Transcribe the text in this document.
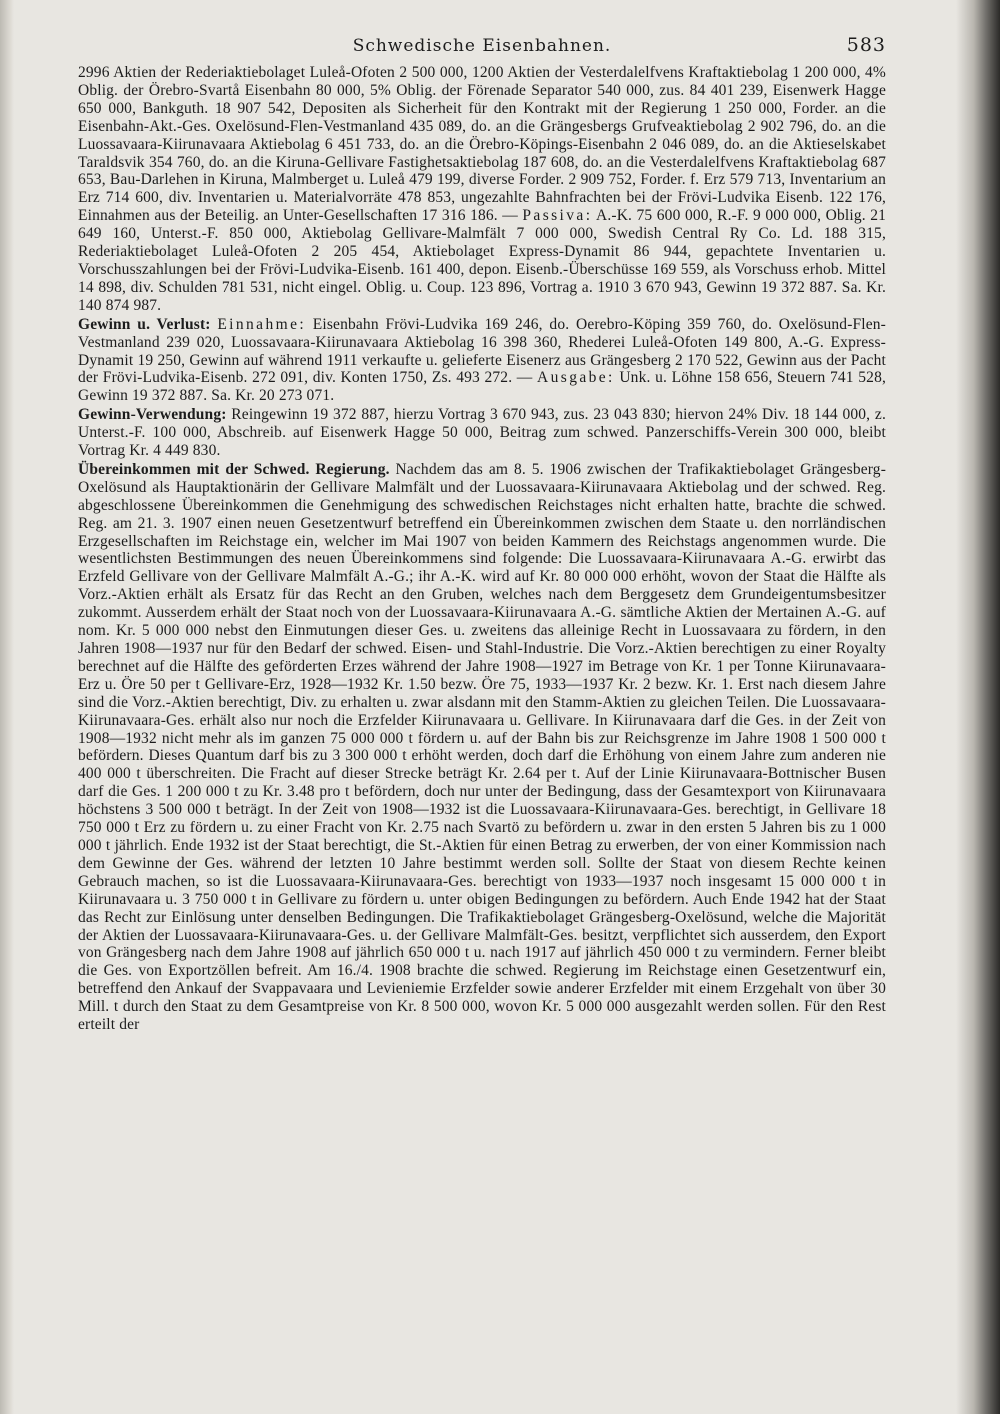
Schwedische Eisenbahnen.	583

2996 Aktien der Rederiaktiebolaget Luleå-Ofoten 2 500 000, 1200 Aktien der Vesterdalelfvens Kraftaktiebolag 1 200 000, 4% Oblig. der Örebro-Svartå Eisenbahn 80 000, 5% Oblig. der Förenade Separator 540 000, zus. 84 401 239, Eisenwerk Hagge 650 000, Bankguth. 18 907 542, Depositen als Sicherheit für den Kontrakt mit der Regierung 1 250 000, Forder. an die Eisenbahn-Akt.-Ges. Oxelösund-Flen-Vestmanland 435 089, do. an die Grängesbergs Grufveaktiebolag 2 902 796, do. an die Luossavaara-Kiirunavaara Aktiebolag 6 451 733, do. an die Örebro-Köpings-Eisenbahn 2 046 089, do. an die Aktieselskabet Taraldsvik 354 760, do. an die Kiruna-Gellivare Fastighetsaktiebolag 187 608, do. an die Vesterdalelfvens Kraftaktiebolag 687 653, Bau-Darlehen in Kiruna, Malmberget u. Luleå 479 199, diverse Forder. 2 909 752, Forder. f. Erz 579 713, Inventarium an Erz 714 600, div. Inventarien u. Materialvorräte 478 853, ungezahlte Bahnfrachten bei der Frövi-Ludvika Eisenb. 122 176, Einnahmen aus der Beteilig. an Unter-Gesellschaften 17 316 186. — Passiva: A.-K. 75 600 000, R.-F. 9 000 000, Oblig. 21 649 160, Unterst.-F. 850 000, Aktiebolag Gellivare-Malmfält 7 000 000, Swedish Central Ry Co. Ld. 188 315, Rederiaktiebolaget Luleå-Ofoten 2 205 454, Aktiebolaget Express-Dynamit 86 944, gepachtete Inventarien u. Vorschusszahlungen bei der Frövi-Ludvika-Eisenb. 161 400, depon. Eisenb.-Überschüsse 169 559, als Vorschuss erhob. Mittel 14 898, div. Schulden 781 531, nicht eingel. Oblig. u. Coup. 123 896, Vortrag a. 1910 3 670 943, Gewinn 19 372 887. Sa. Kr. 140 874 987.

Gewinn u. Verlust: Einnahme: Eisenbahn Frövi-Ludvika 169 246, do. Oerebro-Köping 359 760, do. Oxelösund-Flen-Vestmanland 239 020, Luossavaara-Kiirunavaara Aktiebolag 16 398 360, Rhederei Luleå-Ofoten 149 800, A.-G. Express-Dynamit 19 250, Gewinn auf während 1911 verkaufte u. gelieferte Eisenerz aus Grängesberg 2 170 522, Gewinn aus der Pacht der Frövi-Ludvika-Eisenb. 272 091, div. Konten 1750, Zs. 493 272. — Ausgabe: Unk. u. Löhne 158 656, Steuern 741 528, Gewinn 19 372 887. Sa. Kr. 20 273 071.

Gewinn-Verwendung: Reingewinn 19 372 887, hierzu Vortrag 3 670 943, zus. 23 043 830; hiervon 24% Div. 18 144 000, z. Unterst.-F. 100 000, Abschreib. auf Eisenwerk Hagge 50 000, Beitrag zum schwed. Panzerschiffs-Verein 300 000, bleibt Vortrag Kr. 4 449 830.

Übereinkommen mit der Schwed. Regierung. Nachdem das am 8. 5. 1906 zwischen der Trafikaktiebolaget Grängesberg-Oxelösund als Hauptaktionärin der Gellivare Malmfält und der Luossavaara-Kiirunavaara Aktiebolag und der schwed. Reg. abgeschlossene Übereinkommen die Genehmigung des schwedischen Reichstages nicht erhalten hatte, brachte die schwed. Reg. am 21. 3. 1907 einen neuen Gesetzentwurf betreffend ein Übereinkommen zwischen dem Staate u. den norrländischen Erzgesellschaften im Reichstage ein, welcher im Mai 1907 von beiden Kammern des Reichstags angenommen wurde. Die wesentlichsten Bestimmungen des neuen Übereinkommens sind folgende: Die Luossavaara-Kiirunavaara A.-G. erwirbt das Erzfeld Gellivare von der Gellivare Malmfält A.-G.; ihr A.-K. wird auf Kr. 80 000 000 erhöht, wovon der Staat die Hälfte als Vorz.-Aktien erhält als Ersatz für das Recht an den Gruben, welches nach dem Berggesetz dem Grundeigentumsbesitzer zukommt. Ausserdem erhält der Staat noch von der Luossavaara-Kiirunavaara A.-G. sämtliche Aktien der Mertainen A.-G. auf nom. Kr. 5 000 000 nebst den Einmutungen dieser Ges. u. zweitens das alleinige Recht in Luossavaara zu fördern, in den Jahren 1908—1937 nur für den Bedarf der schwed. Eisen- und Stahl-Industrie. Die Vorz.-Aktien berechtigen zu einer Royalty berechnet auf die Hälfte des geförderten Erzes während der Jahre 1908—1927 im Betrage von Kr. 1 per Tonne Kiirunavaara-Erz u. Öre 50 per t Gellivare-Erz, 1928—1932 Kr. 1.50 bezw. Öre 75, 1933—1937 Kr. 2 bezw. Kr. 1. Erst nach diesem Jahre sind die Vorz.-Aktien berechtigt, Div. zu erhalten u. zwar alsdann mit den Stamm-Aktien zu gleichen Teilen. Die Luossavaara-Kiirunavaara-Ges. erhält also nur noch die Erzfelder Kiirunavaara u. Gellivare. In Kiirunavaara darf die Ges. in der Zeit von 1908—1932 nicht mehr als im ganzen 75 000 000 t fördern u. auf der Bahn bis zur Reichsgrenze im Jahre 1908 1 500 000 t befördern. Dieses Quantum darf bis zu 3 300 000 t erhöht werden, doch darf die Erhöhung von einem Jahre zum anderen nie 400 000 t überschreiten. Die Fracht auf dieser Strecke beträgt Kr. 2.64 per t. Auf der Linie Kiirunavaara-Bottnischer Busen darf die Ges. 1 200 000 t zu Kr. 3.48 pro t befördern, doch nur unter der Bedingung, dass der Gesamtexport von Kiirunavaara höchstens 3 500 000 t beträgt. In der Zeit von 1908—1932 ist die Luossavaara-Kiirunavaara-Ges. berechtigt, in Gellivare 18 750 000 t Erz zu fördern u. zu einer Fracht von Kr. 2.75 nach Svartö zu befördern u. zwar in den ersten 5 Jahren bis zu 1 000 000 t jährlich. Ende 1932 ist der Staat berechtigt, die St.-Aktien für einen Betrag zu erwerben, der von einer Kommission nach dem Gewinne der Ges. während der letzten 10 Jahre bestimmt werden soll. Sollte der Staat von diesem Rechte keinen Gebrauch machen, so ist die Luossavaara-Kiirunavaara-Ges. berechtigt von 1933—1937 noch insgesamt 15 000 000 t in Kiirunavaara u. 3 750 000 t in Gellivare zu fördern u. unter obigen Bedingungen zu befördern. Auch Ende 1942 hat der Staat das Recht zur Einlösung unter denselben Bedingungen. Die Trafikaktiebolaget Grängesberg-Oxelösund, welche die Majorität der Aktien der Luossavaara-Kiirunavaara-Ges. u. der Gellivare Malmfält-Ges. besitzt, verpflichtet sich ausserdem, den Export von Grängesberg nach dem Jahre 1908 auf jährlich 650 000 t u. nach 1917 auf jährlich 450 000 t zu vermindern. Ferner bleibt die Ges. von Exportzöllen befreit. Am 16./4. 1908 brachte die schwed. Regierung im Reichstage einen Gesetzentwurf ein, betreffend den Ankauf der Svappavaara und Levieniemie Erzfelder sowie anderer Erzfelder mit einem Erzgehalt von über 30 Mill. t durch den Staat zu dem Gesamtpreise von Kr. 8 500 000, wovon Kr. 5 000 000 ausgezahlt werden sollen. Für den Rest erteilt der
